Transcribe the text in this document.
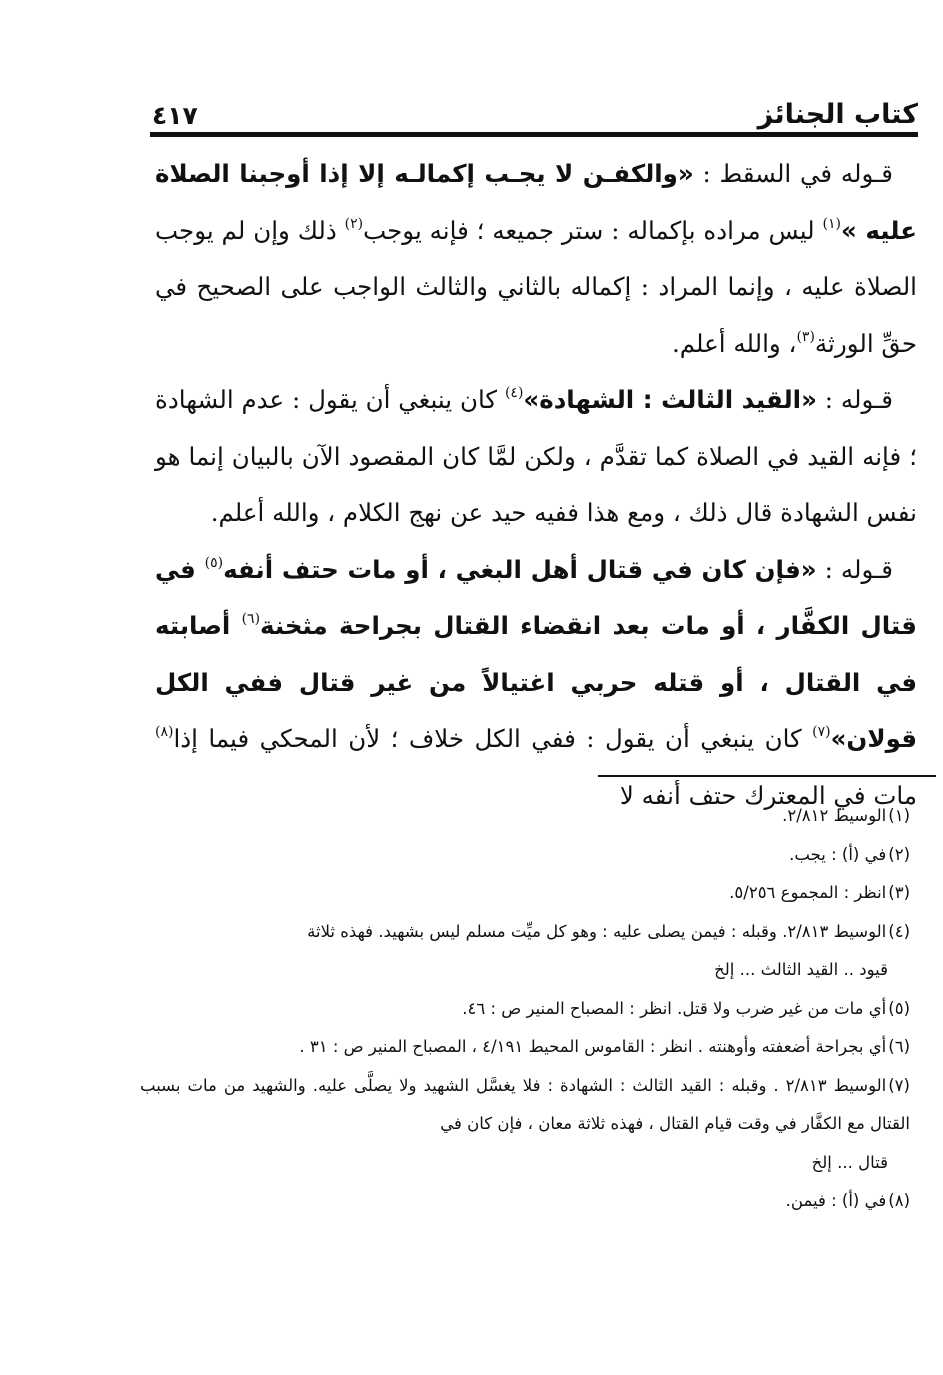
كتاب الجنائز
٤١٧

قـوله في السقط : «والكفـن لا يجـب إكمالـه إلا إذا أوجبنا الصلاة عليه »$^{(١)}$ ليس مراده بإكماله : ستر جميعه ؛ فإنه يوجب$^{(٢)}$ ذلك وإن لم يوجب الصلاة عليه ، وإنما المراد : إكماله بالثاني والثالث الواجب على الصحيح في حقِّ الورثة$^{(٣)}$، والله أعلم.

قـوله : «القيد الثالث : الشهادة»$^{(٤)}$ كان ينبغي أن يقول : عدم الشهادة ؛ فإنه القيد في الصلاة كما تقدَّم ، ولكن لمَّا كان المقصود الآن بالبيان إنما هو نفس الشهادة قال ذلك ، ومع هذا ففيه حيد عن نهج الكلام ، والله أعلم.

قـوله : «فإن كان في قتال أهل البغي ، أو مات حتف أنفه$^{(٥)}$ في قتال الكفَّار ، أو مات بعد انقضاء القتال بجراحة مثخنة$^{(٦)}$ أصابته في القتال ، أو قتله حربي اغتيالاً من غير قتال ففي الكل قولان»$^{(٧)}$ كان ينبغي أن يقول : ففي الكل خلاف ؛ لأن المحكي فيما إذا$^{(٨)}$ مات في المعترك حتف أنفه لا

(١)الوسيط ٢/٨١٢.
(٢)في (أ) : يجب.
(٣)انظر : المجموع ٥/٢٥٦.
(٤)الوسيط ٢/٨١٣. وقبله : فيمن يصلى عليه : وهو كل ميِّت مسلم ليس بشهيد. فهذه ثلاثة
قيود .. القيد الثالث ... إلخ
(٥)أي مات من غير ضرب ولا قتل. انظر : المصباح المنير ص : ٤٦.
(٦)أي بجراحة أضعفته وأوهنته . انظر : القاموس المحيط ٤/١٩١ ، المصباح المنير ص : ٣١ .
(٧)الوسيط ٢/٨١٣ . وقبله : القيد الثالث : الشهادة : فلا يغسَّل الشهيد ولا يصلَّى عليه. والشهيد من مات بسبب القتال مع الكفَّار في وقت قيام القتال ، فهذه ثلاثة معان ، فإن كان في
قتال ... إلخ
(٨)في (أ) : فيمن.
